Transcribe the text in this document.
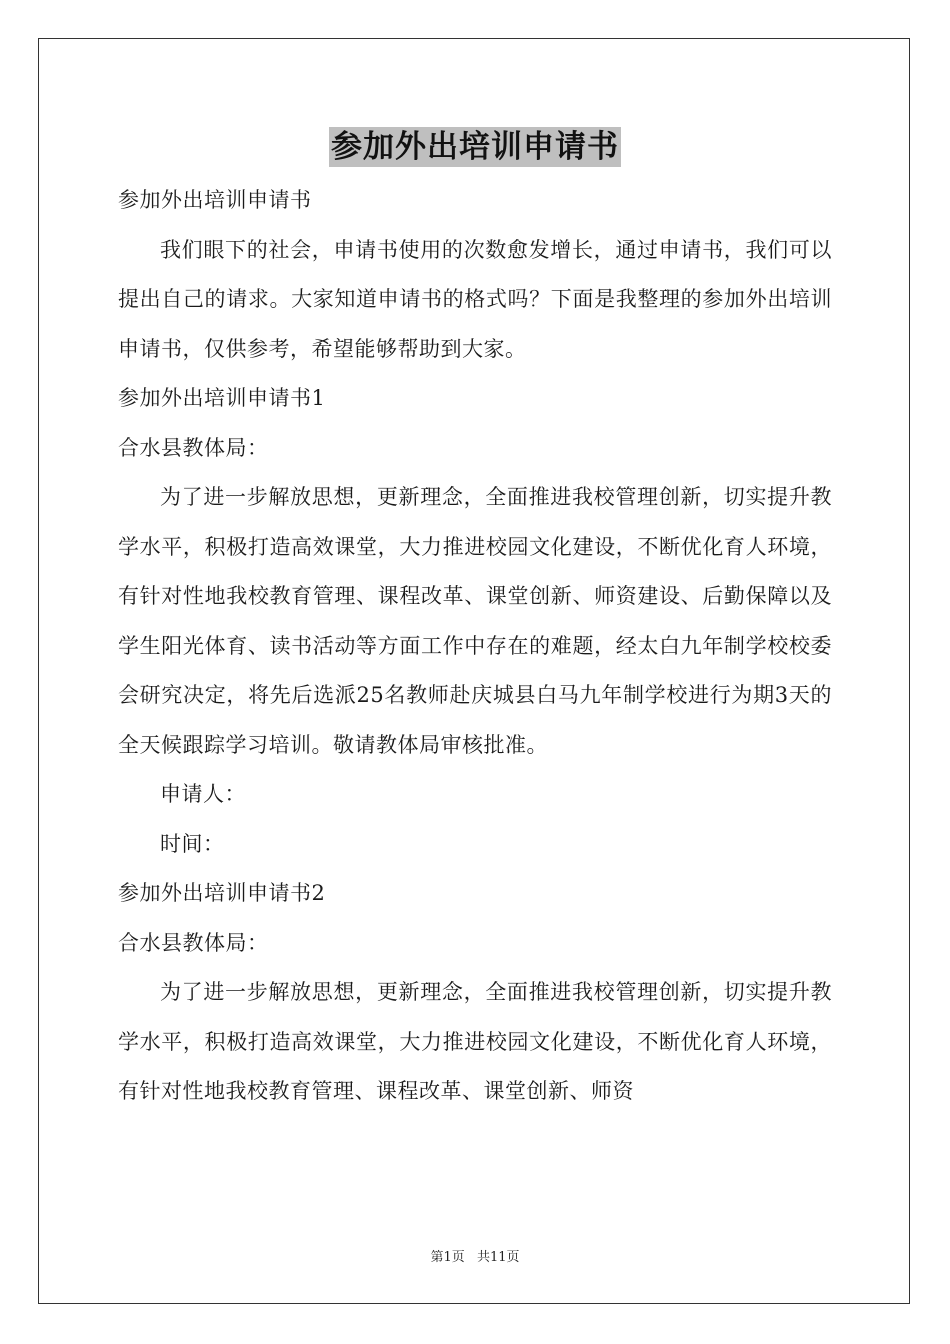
参加外出培训申请书

参加外出培训申请书

我们眼下的社会，申请书使用的次数愈发增长，通过申请书，我们可以提出自己的请求。大家知道申请书的格式吗？下面是我整理的参加外出培训申请书，仅供参考，希望能够帮助到大家。

参加外出培训申请书1

合水县教体局：

为了进一步解放思想，更新理念，全面推进我校管理创新，切实提升教学水平，积极打造高效课堂，大力推进校园文化建设，不断优化育人环境，有针对性地我校教育管理、课程改革、课堂创新、师资建设、后勤保障以及学生阳光体育、读书活动等方面工作中存在的难题，经太白九年制学校校委会研究决定，将先后选派25名教师赴庆城县白马九年制学校进行为期3天的全天候跟踪学习培训。敬请教体局审核批准。

申请人：

时间：

参加外出培训申请书2

合水县教体局：

为了进一步解放思想，更新理念，全面推进我校管理创新，切实提升教学水平，积极打造高效课堂，大力推进校园文化建设，不断优化育人环境，有针对性地我校教育管理、课程改革、课堂创新、师资

第1页 共11页
